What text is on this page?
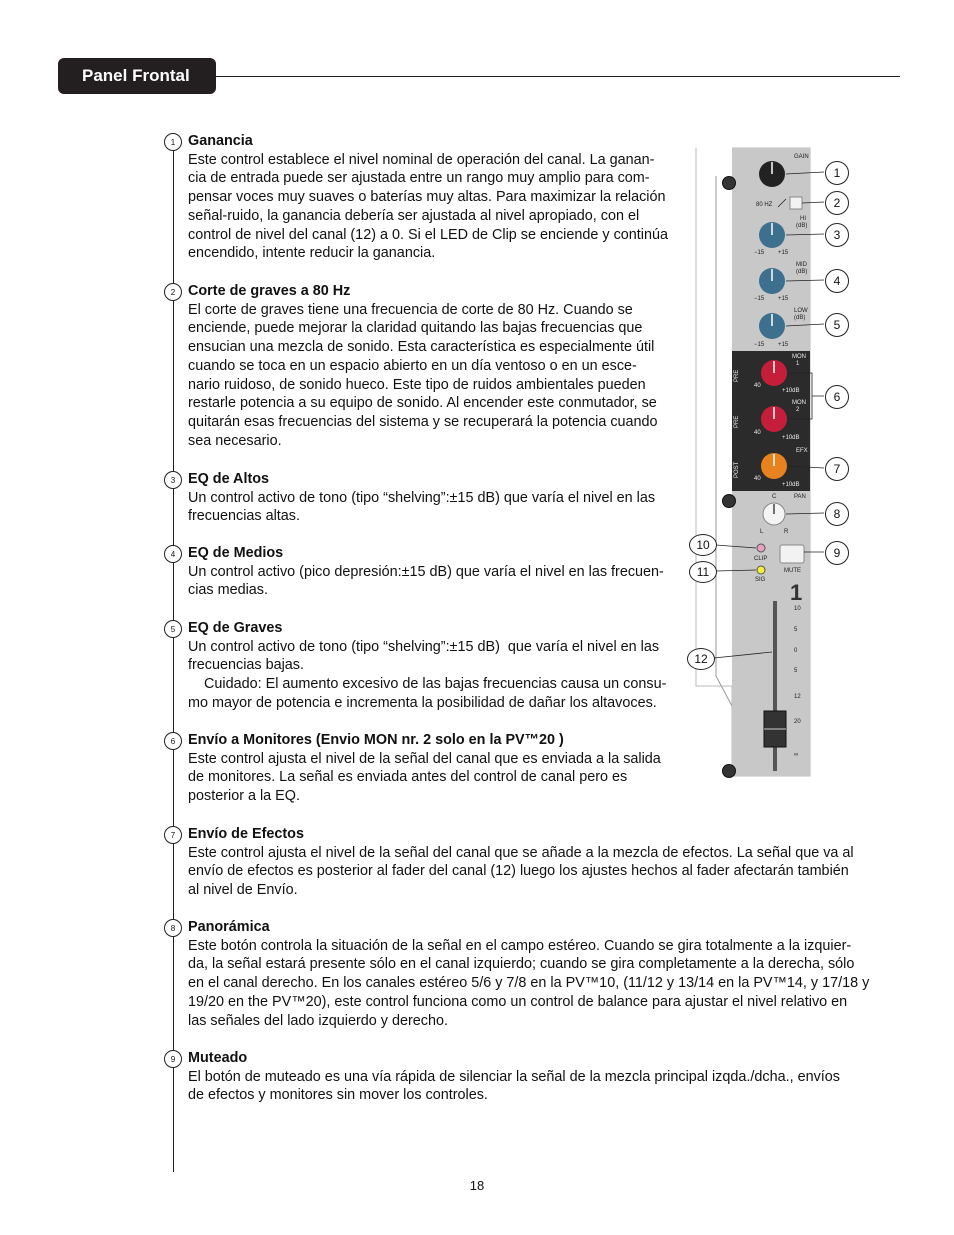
Panel Frontal
1 Ganancia

Este control establece el nivel nominal de operación del canal. La ganan-

cia de entrada puede ser ajustada entre un rango muy amplio para com-

pensar voces muy suaves o baterías muy altas. Para maximizar la relación

señal-ruido, la ganancia debería ser ajustada al nivel apropiado, con el

control de nivel del canal (12) a 0. Si el LED de Clip se enciende y continúa

encendido, intente reducir la ganancia.

2 Corte de graves a 80 Hz

El corte de graves tiene una frecuencia de corte de 80 Hz. Cuando se

enciende, puede mejorar la claridad quitando las bajas frecuencias que

ensucian una mezcla de sonido. Esta característica es especialmente útil

cuando se toca en un espacio abierto en un día ventoso o en un esce-

nario ruidoso, de sonido hueco. Este tipo de ruidos ambientales pueden

restarle potencia a su equipo de sonido. Al encender este conmutador, se

quitarán esas frecuencias del sistema y se recuperará la potencia cuando

sea necesario.

3 EQ de Altos

Un control activo de tono (tipo “shelving”:±15 dB) que varía el nivel en las

frecuencias altas.

4 EQ de Medios

Un control activo (pico depresión:±15 dB) que varía el nivel en las frecuen-

cias medias.

5 EQ de Graves

Un control activo de tono (tipo “shelving”:±15 dB)  que varía el nivel en las

frecuencias bajas.

Cuidado: El aumento excesivo de las bajas frecuencias causa un consu-

mo mayor de potencia e incrementa la posibilidad de dañar los altavoces.

6 Envío a Monitores (Envio MON nr. 2 solo en la PV™20 )

Este control ajusta el nivel de la señal del canal que es enviada a la salida

de monitores. La señal es enviada antes del control de canal pero es

posterior a la EQ.

7 Envío de Efectos

Este control ajusta el nivel de la señal del canal que se añade a la mezcla de efectos. La señal que va al

envío de efectos es posterior al fader del canal (12) luego los ajustes hechos al fader afectarán también

al nivel de Envío.

8 Panorámica

Este botón controla la situación de la señal en el campo estéreo. Cuando se gira totalmente a la izquier-

da, la señal estará presente sólo en el canal izquierdo; cuando se gira completamente a la derecha, sólo

en el canal derecho. En los canales estéreo 5/6 y 7/8 en la PV™10, (11/12 y 13/14 en la PV™14, y 17/18 y

19/20 en the PV™20), este control funciona como un control de balance para ajustar el nivel relativo en

las señales del lado izquierdo y derecho.

9 Muteado

El botón de muteado es una vía rápida de silenciar la señal de la mezcla principal izqda./dcha., envíos

de efectos y monitores sin mover los controles.

GAIN
80 HZ
HI
(dB)
−15 +15
MID
(dB)
−15 +15
LOW
(dB)
−15 +15
MON
1
40
+10dB
PRE
MON
2
40
+10dB
PRE
EFX
40
+10dB
POST
PAN
C
L	R
CLIP
SIG
MUTE
1
10
5
0
5
12
20
∞
1
2
3
4
5
6
7
8
9
10
11
12
18
